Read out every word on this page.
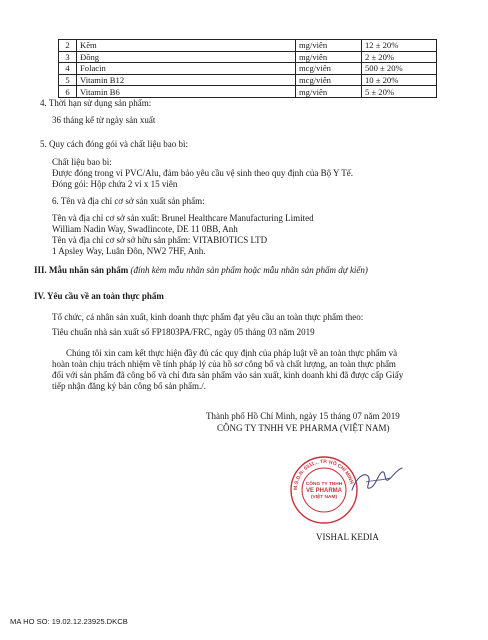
2	Kẽm	mg/viên	12 ± 20%
3	Đồng	mg/viên	2 ± 20%
4	Folacin	mcg/viên	500 ± 20%
5	Vitamin B12	mcg/viên	10 ± 20%
6	Vitamin B6	mg/viên	5 ± 20%
4. Thời hạn sử dụng sản phẩm:
36 tháng kể từ ngày sản xuất
5. Quy cách đóng gói và chất liệu bao bì:
Chất liệu bao bì:
Được đóng trong vỉ PVC/Alu, đảm bảo yêu cầu vệ sinh theo quy định của Bộ Y Tế.
Đóng gói: Hộp chứa 2 vỉ x 15 viên
6. Tên và địa chỉ cơ sở sản xuất sản phẩm:
Tên và địa chỉ cơ sở sản xuất: Brunel Healthcare Manufacturing Limited
William Nadin Way, Swadlincote, DE 11 0BB, Anh
Tên và địa chỉ cơ sở sở hữu sản phẩm: VITABIOTICS LTD
1 Apsley Way, Luân Đôn, NW2 7HF, Anh.
III. Mẫu nhãn sản phẩm (đính kèm mẫu nhãn sản phẩm hoặc mẫu nhãn sản phẩm dự kiến)
IV. Yêu cầu về an toàn thực phẩm
Tổ chức, cá nhân sản xuất, kinh doanh thực phẩm đạt yêu cầu an toàn thực phẩm theo:
Tiêu chuẩn nhà sản xuất số FP1803PA/FRC, ngày 05 tháng 03 năm 2019
Chúng tôi xin cam kết thực hiện đầy đủ các quy định của pháp luật về an toàn thực phẩm và
hoàn toàn chịu trách nhiệm về tính pháp lý của hồ sơ công bố và chất lượng, an toàn thực phẩm
đối với sản phẩm đã công bố và chỉ đưa sản phẩm vào sản xuất, kinh doanh khi đã được cấp Giấy
tiếp nhận đăng ký bản công bố sản phẩm./.
Thành phố Hồ Chí Minh, ngày 15 tháng 07 năm 2019
CÔNG TY TNHH VE PHARMA (VIỆT NAM)
M.S.D.N: 0311... TP. HỒ CHÍ MINH
CÔNG TY TNHH
VE PHARMA
(VIỆT NAM)
VISHAL KEDIA
MA HO SO: 19.02.12.23925.DKCB
